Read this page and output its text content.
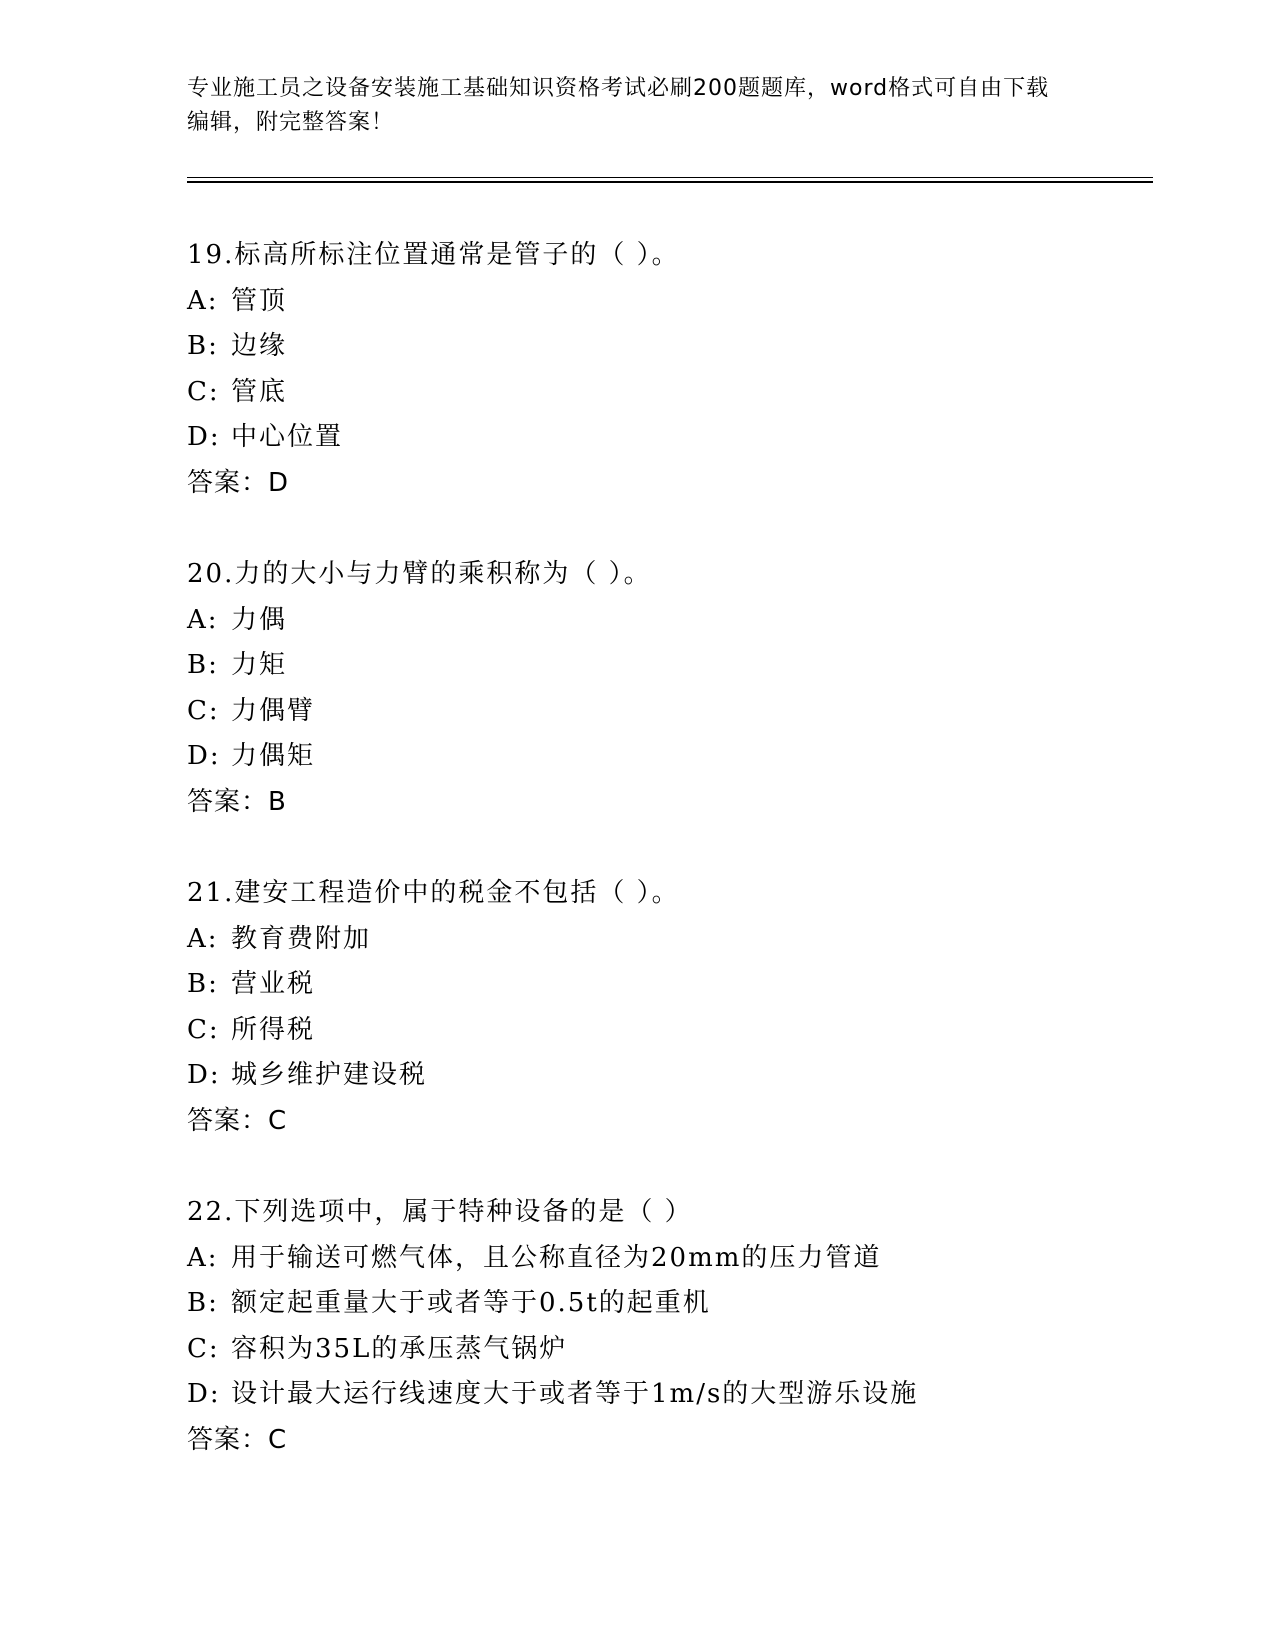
专业施工员之设备安装施工基础知识资格考试必刷200题题库，word格式可自由下载编辑，附完整答案！
19.标高所标注位置通常是管子的（ ）。
A: 管顶
B: 边缘
C: 管底
D: 中心位置
答案：D
20.力的大小与力臂的乘积称为（ ）。
A: 力偶
B: 力矩
C: 力偶臂
D: 力偶矩
答案：B
21.建安工程造价中的税金不包括（ ）。
A: 教育费附加
B: 营业税
C: 所得税
D: 城乡维护建设税
答案：C
22.下列选项中，属于特种设备的是（ ）
A: 用于输送可燃气体，且公称直径为20mm的压力管道
B: 额定起重量大于或者等于0.5t的起重机
C: 容积为35L的承压蒸气锅炉
D: 设计最大运行线速度大于或者等于1m/s的大型游乐设施
答案：C
